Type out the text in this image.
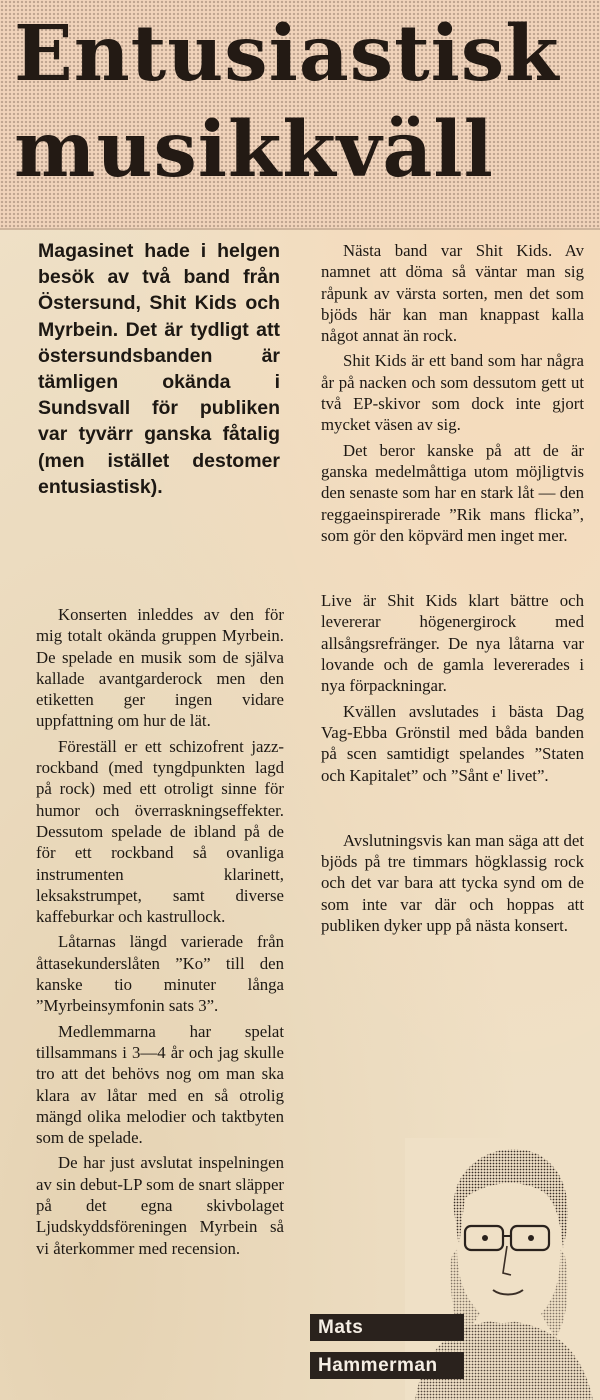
Entusiastisk
musikkväll
Magasinet hade i helgen besök av två band från Östersund, Shit Kids och Myrbein. Det är tydligt att östersundsbanden är tämligen okända i Sundsvall för publiken var tyvärr ganska fåtalig (men istället destomer entusiastisk).

Konserten inleddes av den för mig totalt okända gruppen Myrbein. De spelade en musik som de själva kallade avantgarderock men den etiketten ger ingen vidare uppfattning om hur de lät.

Föreställ er ett schizofrent jazz-rockband (med tyngdpunkten lagd på rock) med ett otroligt sinne för humor och överraskningseffekter. Dessutom spelade de ibland på de för ett rockband så ovanliga instrumenten klarinett, leksakstrumpet, samt diverse kaffeburkar och kastrullock.

Låtarnas längd varierade från åttasekunderslåten ”Ko” till den kanske tio minuter långa ”Myrbeinsymfonin sats 3”.

Medlemmarna har spelat tillsammans i 3—4 år och jag skulle tro att det behövs nog om man ska klara av låtar med en så otrolig mängd olika melodier och taktbyten som de spelade.

De har just avslutat inspelningen av sin debut-LP som de snart släpper på det egna skivbolaget Ljudskyddsföreningen Myrbein så vi återkommer med recension.

Nästa band var Shit Kids. Av namnet att döma så väntar man sig råpunk av värsta sorten, men det som bjöds här kan man knappast kalla något annat än rock.

Shit Kids är ett band som har några år på nacken och som dessutom gett ut två EP-skivor som dock inte gjort mycket väsen av sig.

Det beror kanske på att de är ganska medelmåttiga utom möjligtvis den senaste som har en stark låt — den reggaeinspirerade ”Rik mans flicka”, som gör den köpvärd men inget mer.

Live är Shit Kids klart bättre och levererar högenergirock med allsångsrefränger. De nya låtarna var lovande och de gamla levererades i nya förpackningar.

Kvällen avslutades i bästa Dag Vag-Ebba Grönstil med båda banden på scen samtidigt spelandes ”Staten och Kapitalet” och ”Sånt e' livet”.

Avslutningsvis kan man säga att det bjöds på tre timmars högklassig rock och det var bara att tycka synd om de som inte var där och hoppas att publiken dyker upp på nästa konsert.

Mats
Hammerman
